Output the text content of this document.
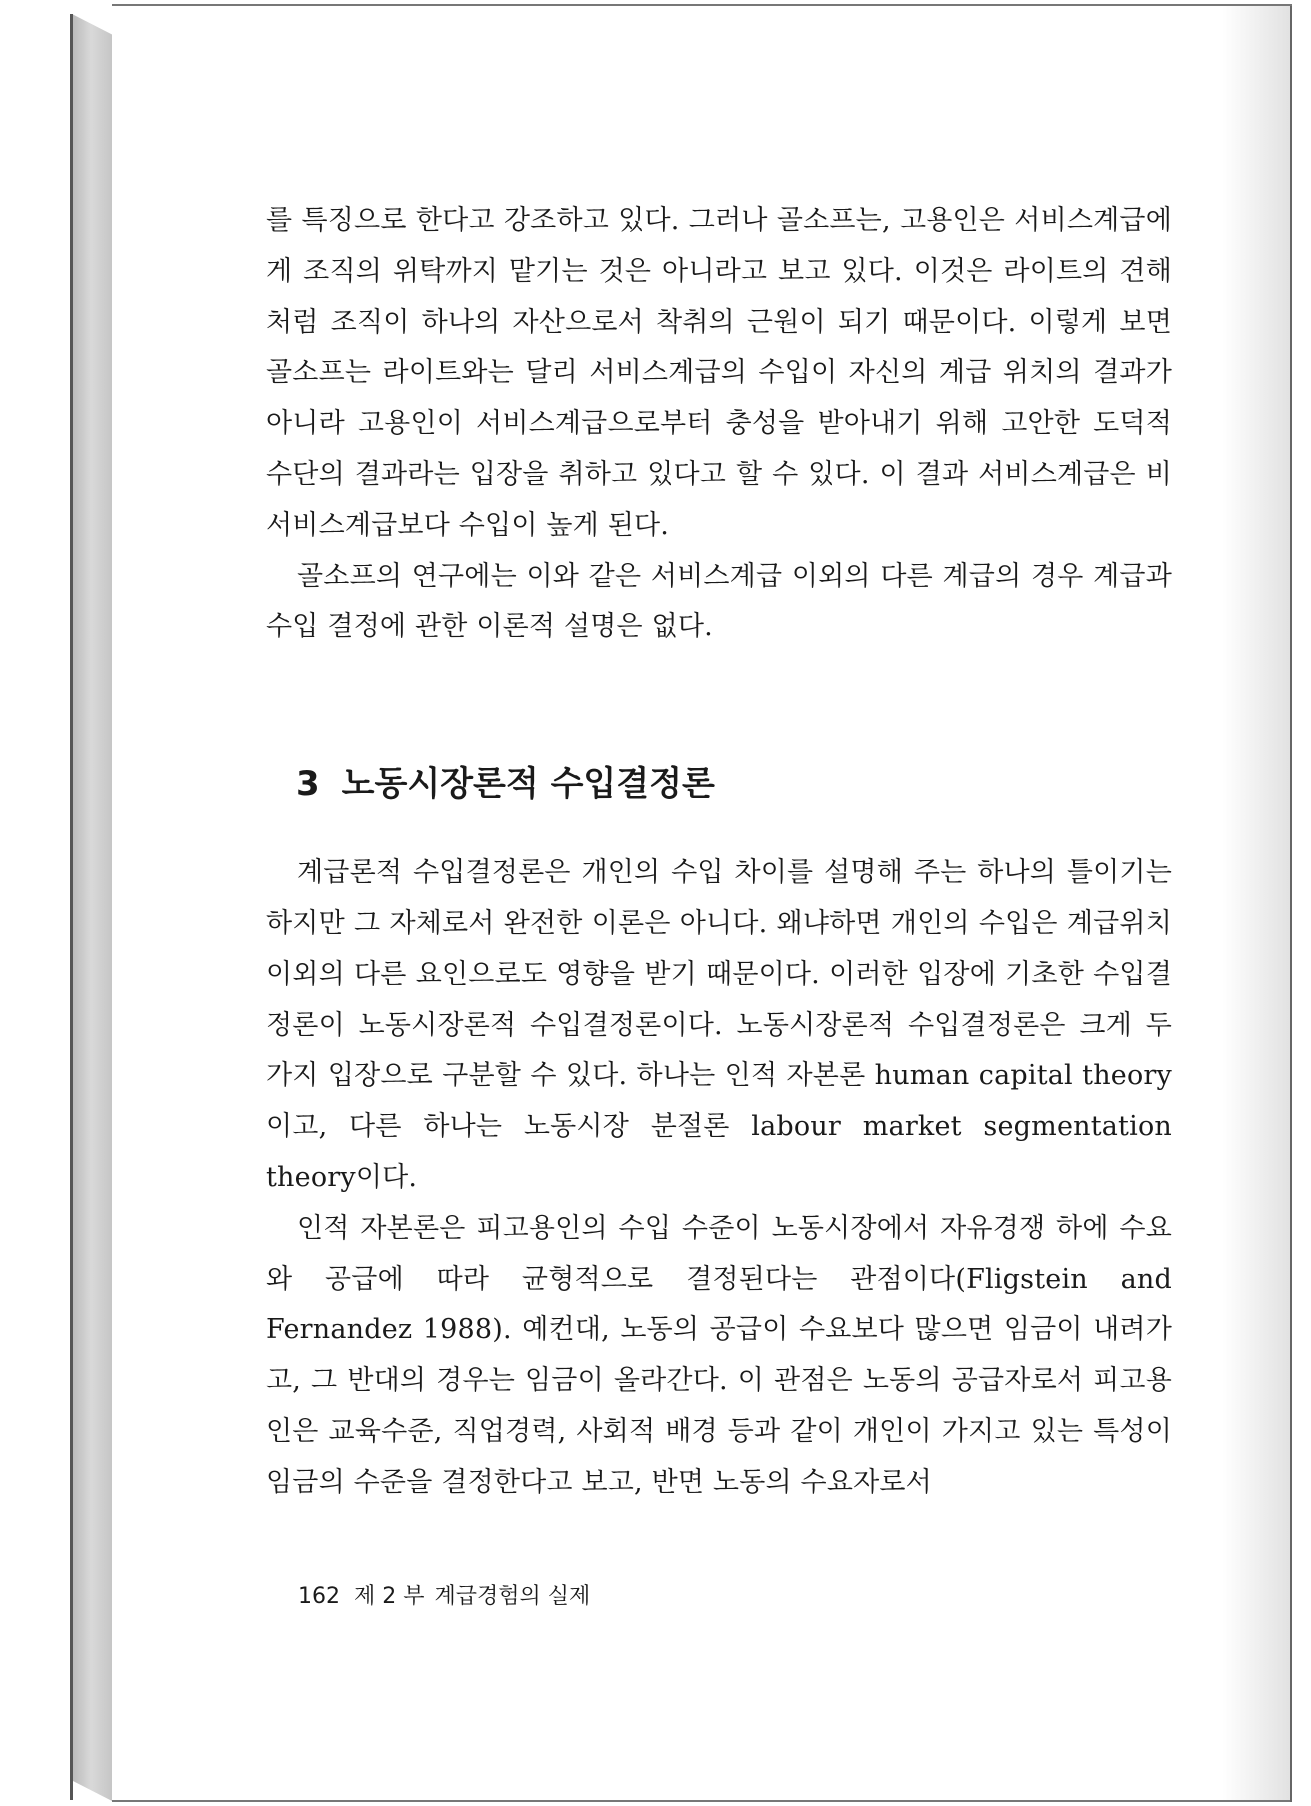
를 특징으로 한다고 강조하고 있다. 그러나 골소프는, 고용인은 서비스계급에게 조직의 위탁까지 맡기는 것은 아니라고 보고 있다. 이것은 라이트의 견해처럼 조직이 하나의 자산으로서 착취의 근원이 되기 때문이다. 이렇게 보면 골소프는 라이트와는 달리 서비스계급의 수입이 자신의 계급 위치의 결과가 아니라 고용인이 서비스계급으로부터 충성을 받아내기 위해 고안한 도덕적 수단의 결과라는 입장을 취하고 있다고 할 수 있다. 이 결과 서비스계급은 비서비스계급보다 수입이 높게 된다.

골소프의 연구에는 이와 같은 서비스계급 이외의 다른 계급의 경우 계급과 수입 결정에 관한 이론적 설명은 없다.

3 노동시장론적 수입결정론

계급론적 수입결정론은 개인의 수입 차이를 설명해 주는 하나의 틀이기는 하지만 그 자체로서 완전한 이론은 아니다. 왜냐하면 개인의 수입은 계급위치 이외의 다른 요인으로도 영향을 받기 때문이다. 이러한 입장에 기초한 수입결정론이 노동시장론적 수입결정론이다. 노동시장론적 수입결정론은 크게 두 가지 입장으로 구분할 수 있다. 하나는 인적 자본론 human capital theory이고, 다른 하나는 노동시장 분절론 labour market segmentation theory이다.

인적 자본론은 피고용인의 수입 수준이 노동시장에서 자유경쟁 하에 수요와 공급에 따라 균형적으로 결정된다는 관점이다(Fligstein and Fernandez 1988). 예컨대, 노동의 공급이 수요보다 많으면 임금이 내려가고, 그 반대의 경우는 임금이 올라간다. 이 관점은 노동의 공급자로서 피고용인은 교육수준, 직업경력, 사회적 배경 등과 같이 개인이 가지고 있는 특성이 임금의 수준을 결정한다고 보고, 반면 노동의 수요자로서

162 제 2 부 계급경험의 실제
